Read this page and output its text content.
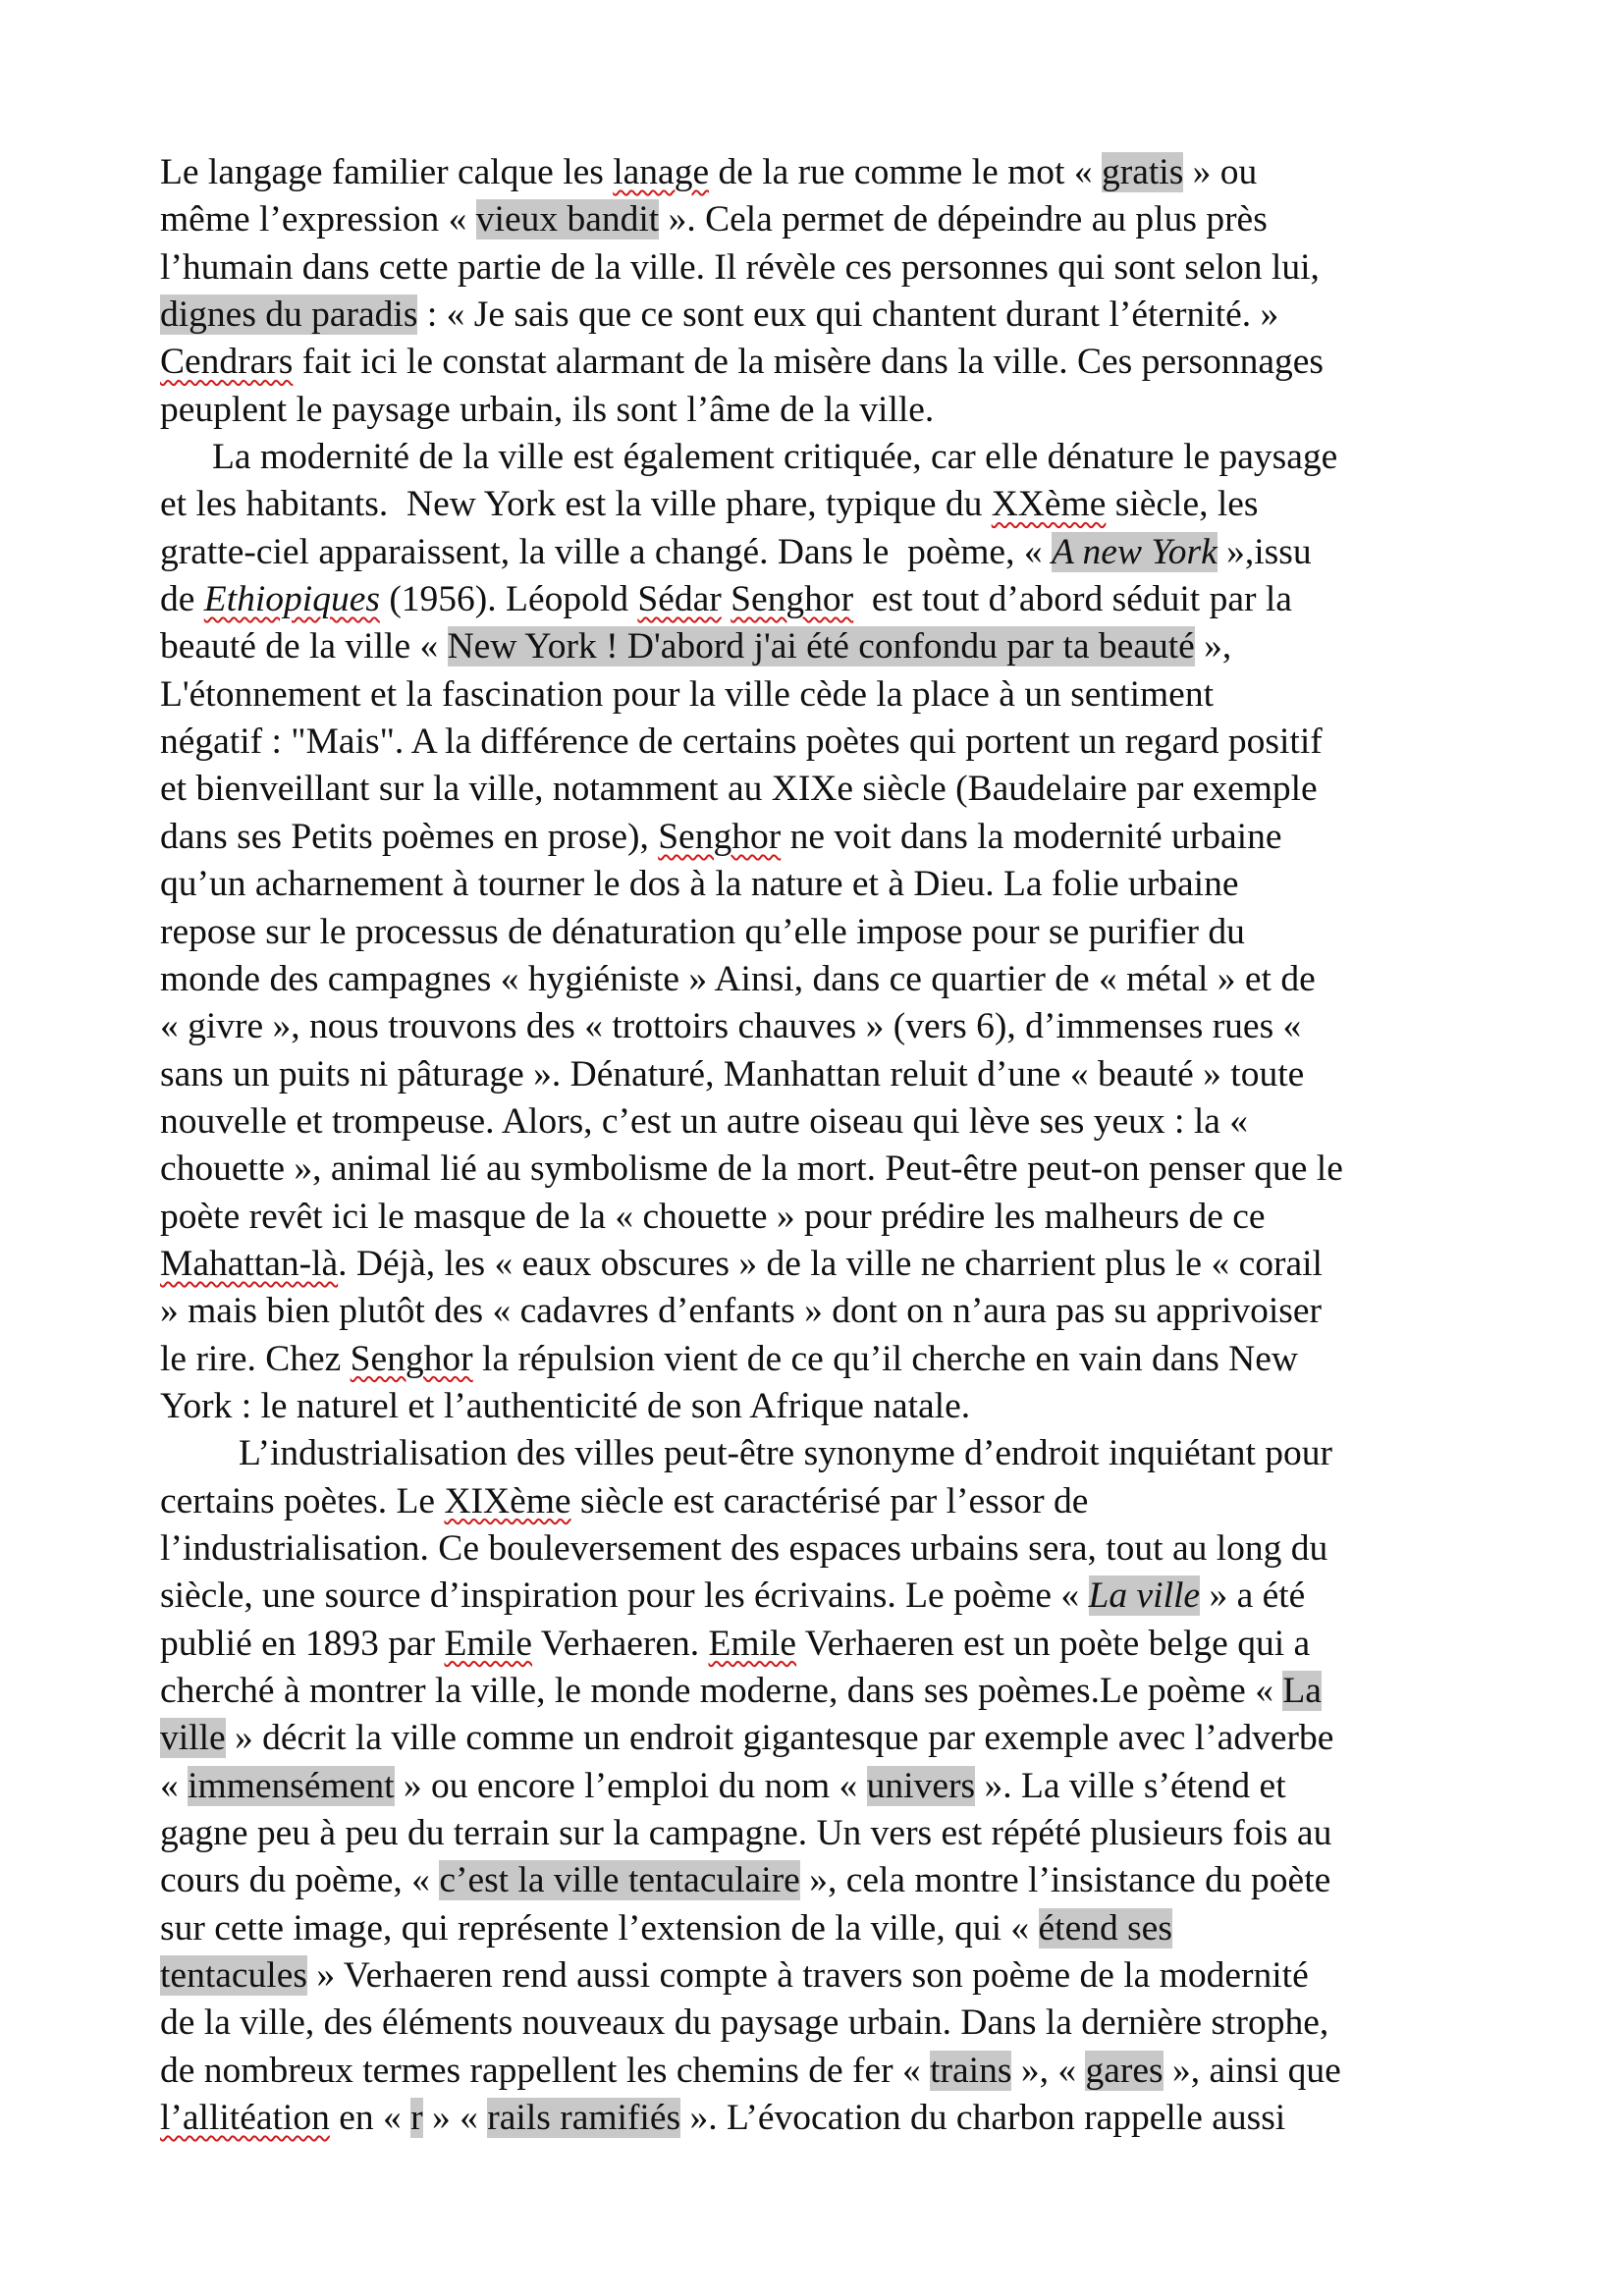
Le langage familier calque les lanage de la rue comme le mot « gratis » ou
même l’expression « vieux bandit ». Cela permet de dépeindre au plus près
l’humain dans cette partie de la ville. Il révèle ces personnes qui sont selon lui,
dignes du paradis : « Je sais que ce sont eux qui chantent durant l’éternité. »
Cendrars fait ici le constat alarmant de la misère dans la ville. Ces personnages
peuplent le paysage urbain, ils sont l’âme de la ville.
La modernité de la ville est également critiquée, car elle dénature le paysage
et les habitants.  New York est la ville phare, typique du XXème siècle, les
gratte-ciel apparaissent, la ville a changé. Dans le  poème, « A new York »,issu
de Ethiopiques (1956). Léopold Sédar Senghor  est tout d’abord séduit par la
beauté de la ville « New York ! D'abord j'ai été confondu par ta beauté »,
L'étonnement et la fascination pour la ville cède la place à un sentiment
négatif : "Mais". A la différence de certains poètes qui portent un regard positif
et bienveillant sur la ville, notamment au XIXe siècle (Baudelaire par exemple
dans ses Petits poèmes en prose), Senghor ne voit dans la modernité urbaine
qu’un acharnement à tourner le dos à la nature et à Dieu. La folie urbaine
repose sur le processus de dénaturation qu’elle impose pour se purifier du
monde des campagnes « hygiéniste » Ainsi, dans ce quartier de « métal » et de
« givre », nous trouvons des « trottoirs chauves » (vers 6), d’immenses rues «
sans un puits ni pâturage ». Dénaturé, Manhattan reluit d’une « beauté » toute
nouvelle et trompeuse. Alors, c’est un autre oiseau qui lève ses yeux : la «
chouette », animal lié au symbolisme de la mort. Peut-être peut-on penser que le
poète revêt ici le masque de la « chouette » pour prédire les malheurs de ce
Mahattan-là. Déjà, les « eaux obscures » de la ville ne charrient plus le « corail
» mais bien plutôt des « cadavres d’enfants » dont on n’aura pas su apprivoiser
le rire. Chez Senghor la répulsion vient de ce qu’il cherche en vain dans New
York : le naturel et l’authenticité de son Afrique natale.
L’industrialisation des villes peut-être synonyme d’endroit inquiétant pour
certains poètes. Le XIXème siècle est caractérisé par l’essor de
l’industrialisation. Ce bouleversement des espaces urbains sera, tout au long du
siècle, une source d’inspiration pour les écrivains. Le poème « La ville » a été
publié en 1893 par Emile Verhaeren. Emile Verhaeren est un poète belge qui a
cherché à montrer la ville, le monde moderne, dans ses poèmes.Le poème « La
ville » décrit la ville comme un endroit gigantesque par exemple avec l’adverbe
« immensément » ou encore l’emploi du nom « univers ». La ville s’étend et
gagne peu à peu du terrain sur la campagne. Un vers est répété plusieurs fois au
cours du poème, « c’est la ville tentaculaire », cela montre l’insistance du poète
sur cette image, qui représente l’extension de la ville, qui « étend ses
tentacules » Verhaeren rend aussi compte à travers son poème de la modernité
de la ville, des éléments nouveaux du paysage urbain. Dans la dernière strophe,
de nombreux termes rappellent les chemins de fer « trains », « gares », ainsi que
l’allitéation en « r » « rails ramifiés ». L’évocation du charbon rappelle aussi
